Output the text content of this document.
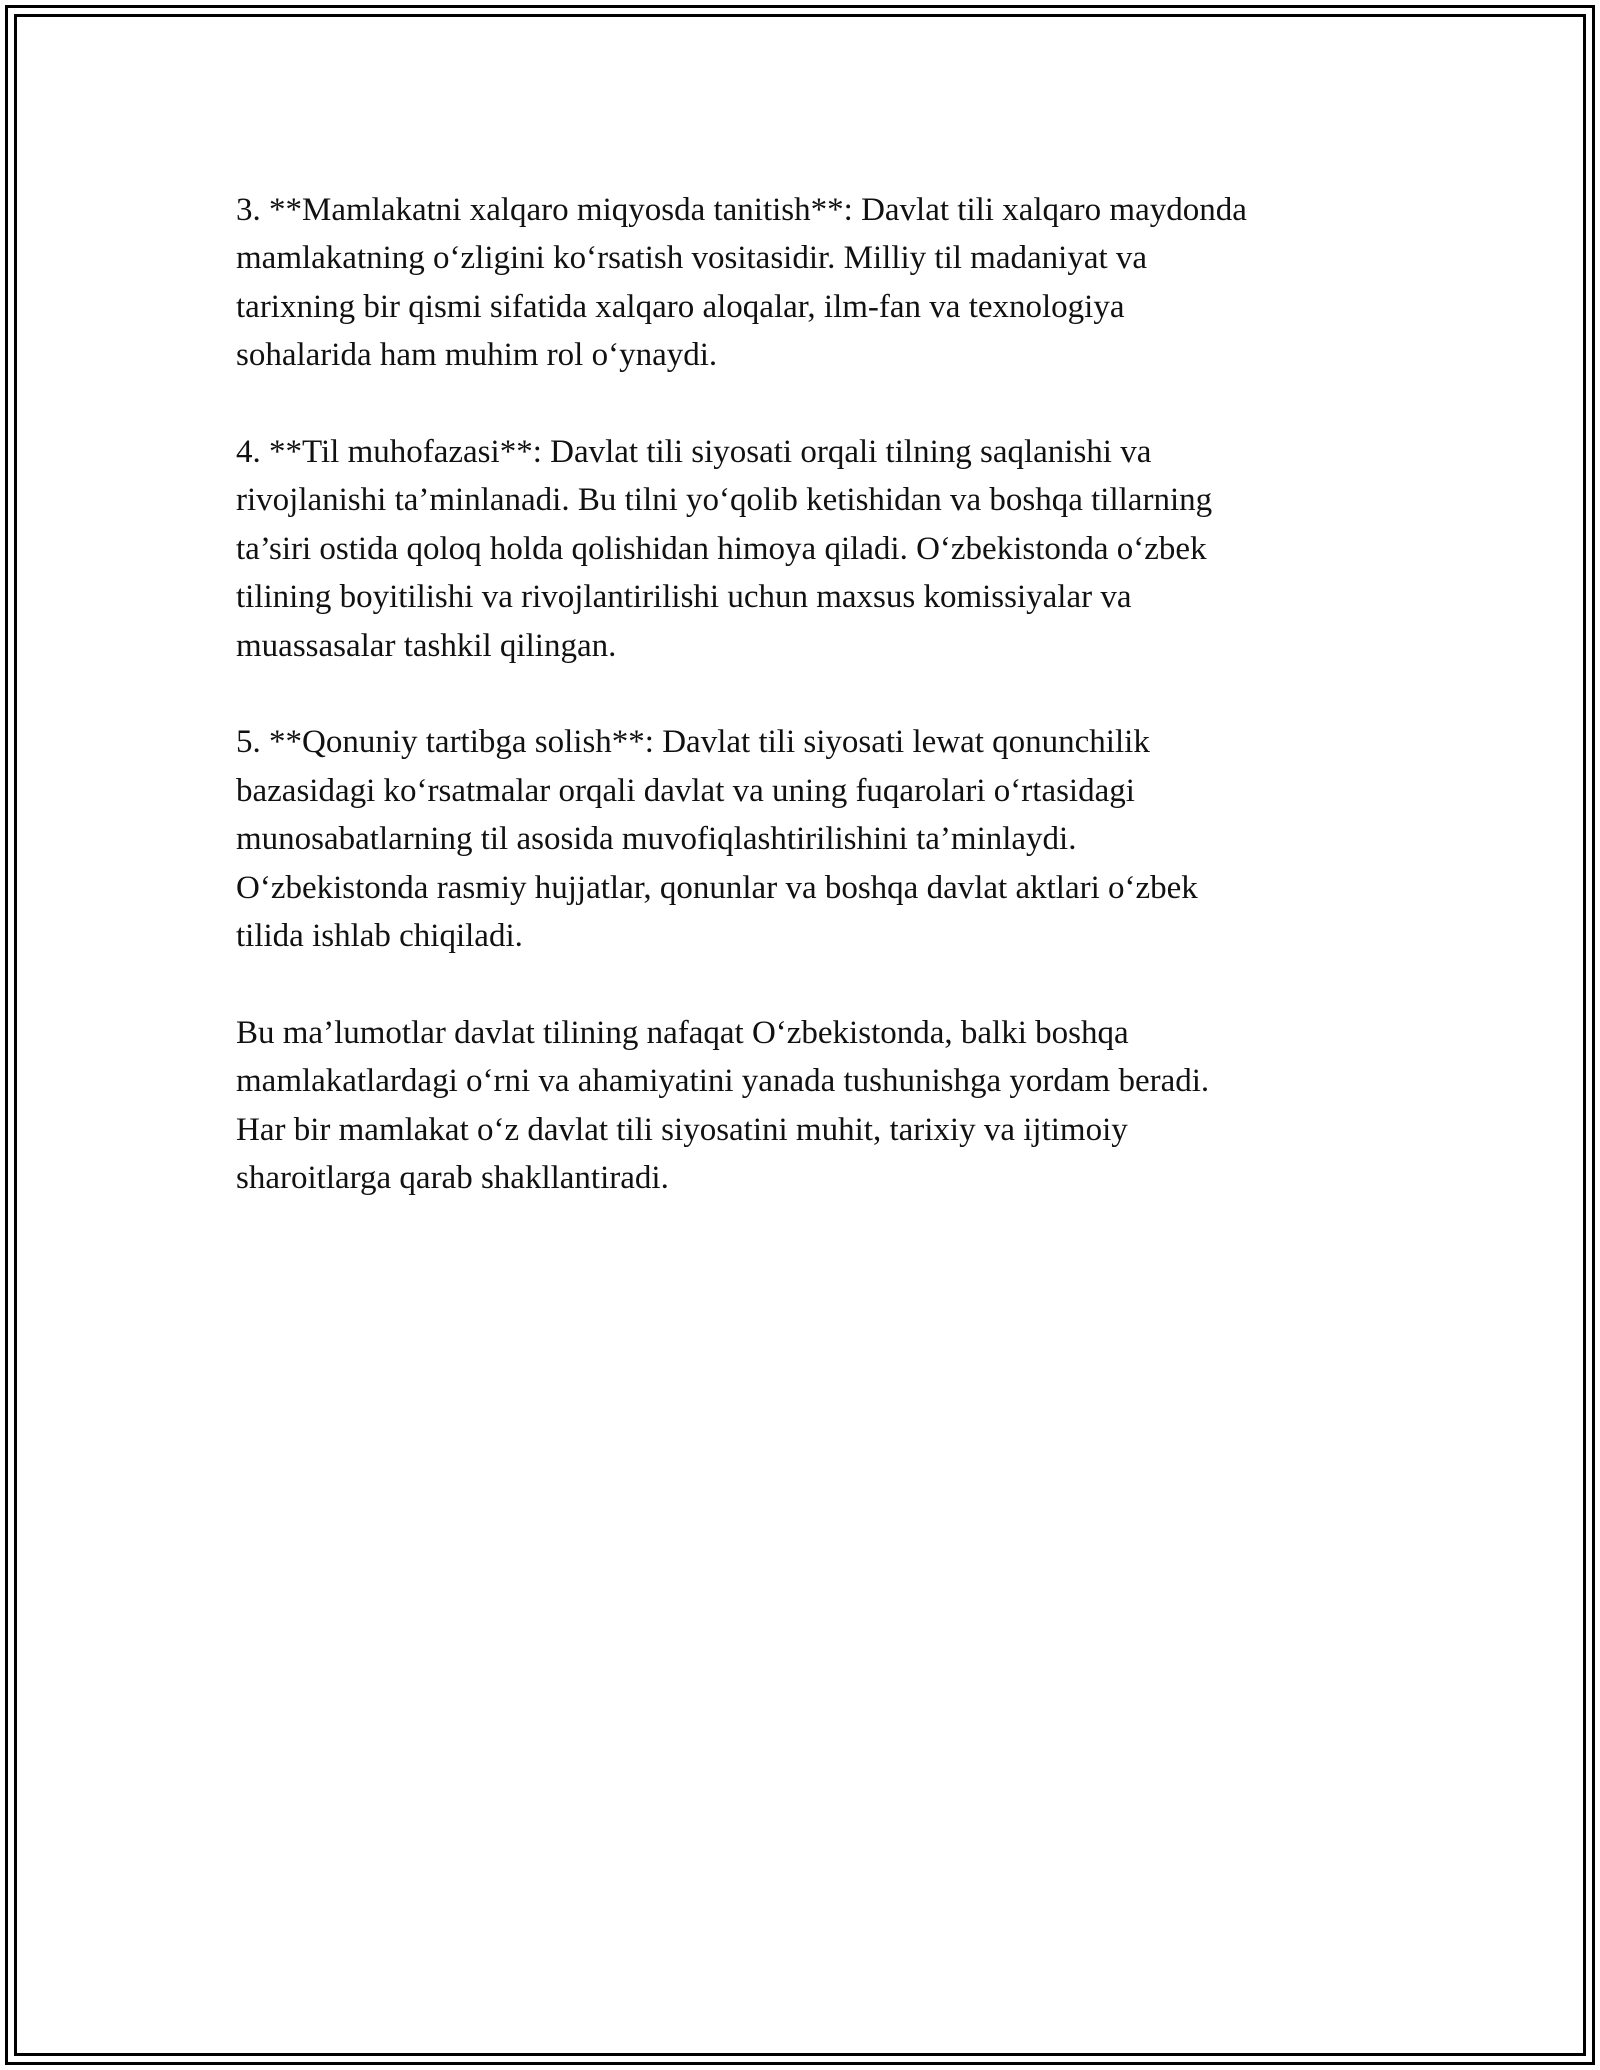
3. **Mamlakatni xalqaro miqyosda tanitish**: Davlat tili xalqaro maydonda
mamlakatning o‘zligini ko‘rsatish vositasidir. Milliy til madaniyat va
tarixning bir qismi sifatida xalqaro aloqalar, ilm-fan va texnologiya
sohalarida ham muhim rol o‘ynaydi.

4. **Til muhofazasi**: Davlat tili siyosati orqali tilning saqlanishi va
rivojlanishi ta’minlanadi. Bu tilni yo‘qolib ketishidan va boshqa tillarning
ta’siri ostida qoloq holda qolishidan himoya qiladi. O‘zbekistonda o‘zbek
tilining boyitilishi va rivojlantirilishi uchun maxsus komissiyalar va
muassasalar tashkil qilingan.

5. **Qonuniy tartibga solish**: Davlat tili siyosati lewat qonunchilik
bazasidagi ko‘rsatmalar orqali davlat va uning fuqarolari o‘rtasidagi
munosabatlarning til asosida muvofiqlashtirilishini ta’minlaydi.
O‘zbekistonda rasmiy hujjatlar, qonunlar va boshqa davlat aktlari o‘zbek
tilida ishlab chiqiladi.

Bu ma’lumotlar davlat tilining nafaqat O‘zbekistonda, balki boshqa
mamlakatlardagi o‘rni va ahamiyatini yanada tushunishga yordam beradi.
Har bir mamlakat o‘z davlat tili siyosatini muhit, tarixiy va ijtimoiy
sharoitlarga qarab shakllantiradi.
